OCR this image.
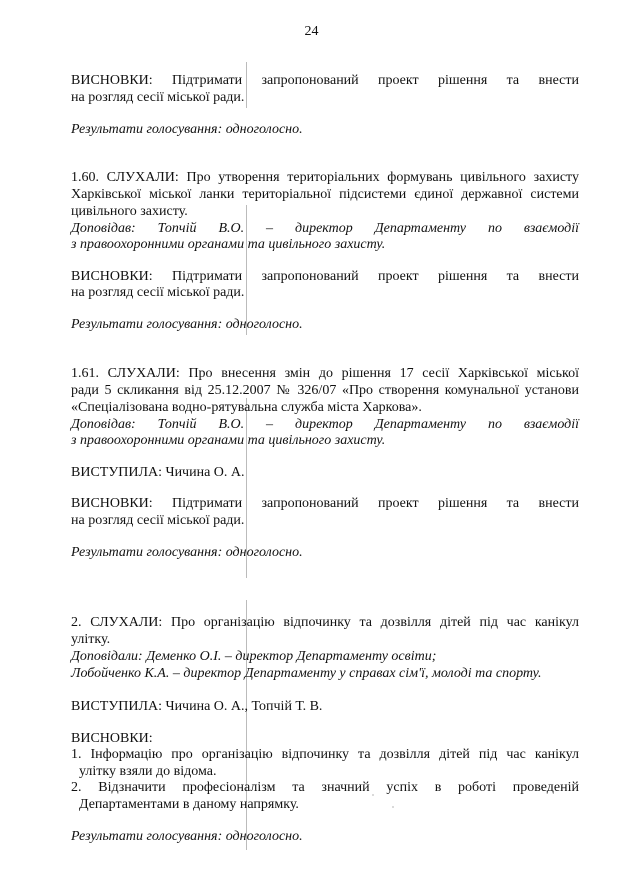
24
ВИСНОВКИ: Підтримати запропонований проект рішення та внести
на розгляд сесії міської ради.
Результати голосування: одноголосно.
1.60. СЛУХАЛИ: Про утворення територіальних формувань цивільного захисту
Харківської міської ланки територіальної підсистеми єдиної державної системи
цивільного захисту.
Доповідав: Топчій В.О. – директор Департаменту по взаємодії
з правоохоронними органами та цивільного захисту.
ВИСНОВКИ: Підтримати запропонований проект рішення та внести
на розгляд сесії міської ради.
Результати голосування: одноголосно.
1.61. СЛУХАЛИ: Про внесення змін до рішення 17 сесії Харківської міської
ради 5 скликання від 25.12.2007 № 326/07 «Про створення комунальної установи
«Спеціалізована водно-рятувальна служба міста Харкова».
Доповідав: Топчій В.О. – директор Департаменту по взаємодії
з правоохоронними органами та цивільного захисту.
ВИСТУПИЛА: Чичина О. А.
ВИСНОВКИ: Підтримати запропонований проект рішення та внести
на розгляд сесії міської ради.
Результати голосування: одноголосно.
2. СЛУХАЛИ: Про організацію відпочинку та дозвілля дітей під час канікул
улітку.
Доповідали: Деменко О.І. – директор Департаменту освіти;
Лобойченко К.А. – директор Департаменту у справах сім'ї, молоді та спорту.
ВИСТУПИЛА: Чичина О. А., Топчій Т. В.
ВИСНОВКИ:
1. Інформацію про організацію відпочинку та дозвілля дітей під час канікул
улітку взяли до відома.
2. Відзначити професіоналізм та значний успіх в роботі проведеній
Департаментами в даному напрямку.
Результати голосування: одноголосно.
